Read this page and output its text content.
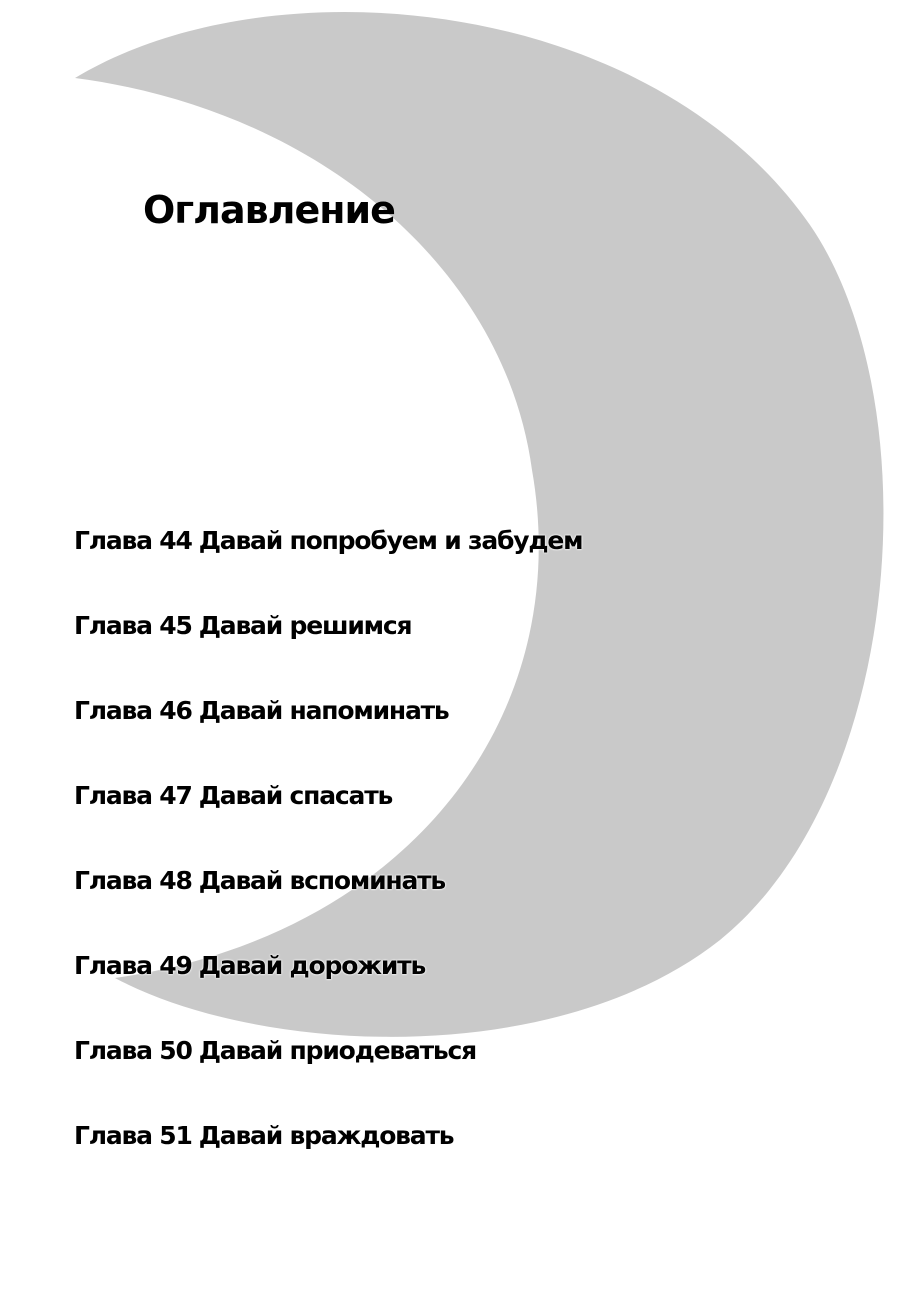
Оглавление
Глава 44 Давай попробуем и забудем
Глава 45 Давай решимся
Глава 46 Давай напоминать
Глава 47 Давай спасать
Глава 48 Давай вспоминать
Глава 49 Давай дорожить
Глава 50 Давай приодеваться
Глава 51 Давай враждовать
